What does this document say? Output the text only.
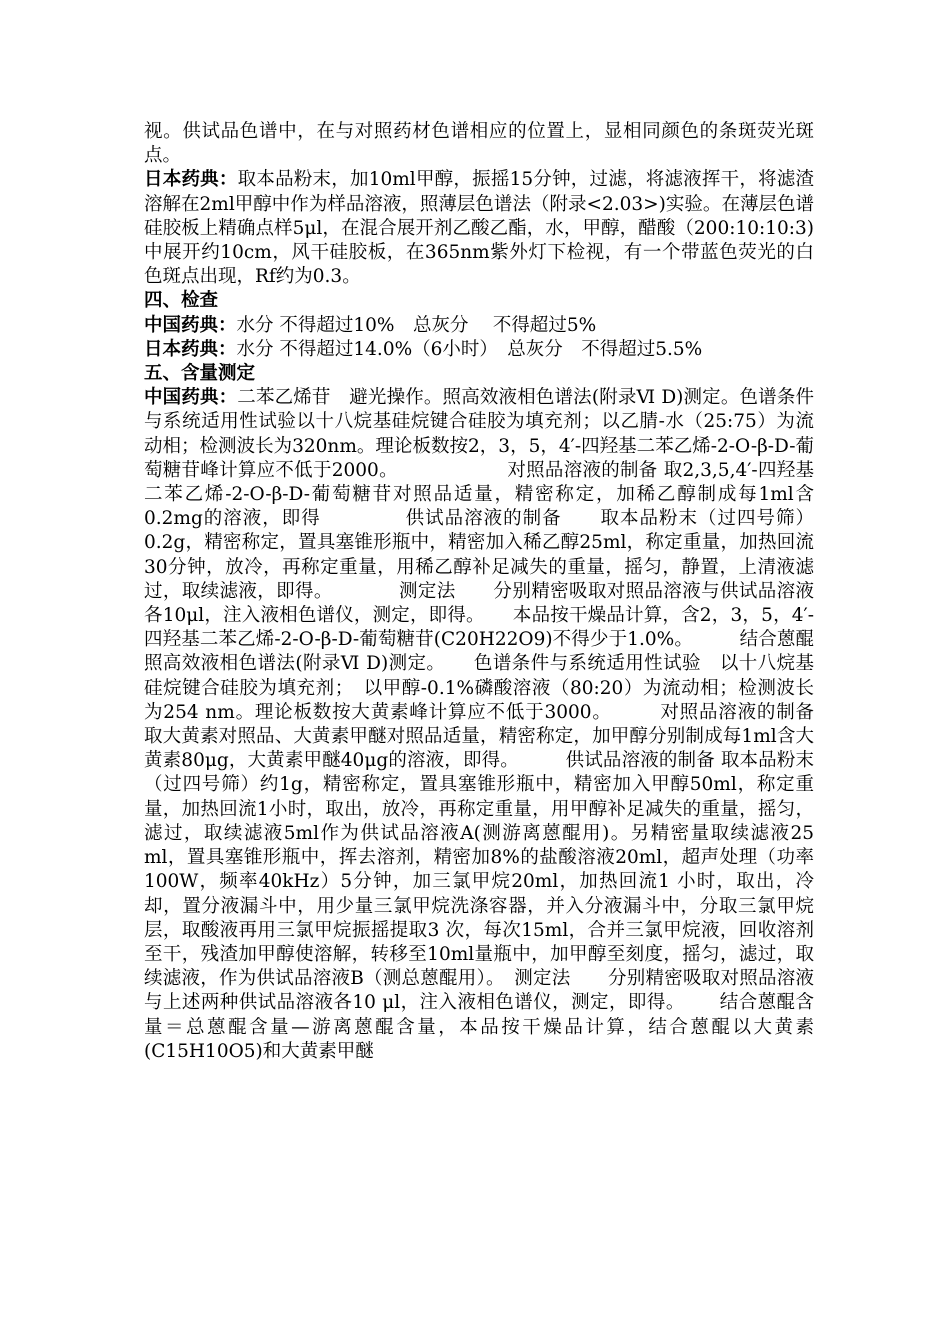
视。供试品色谱中，在与对照药材色谱相应的位置上，显相同颜色的条斑荧光斑点。

日本药典：取本品粉末，加10ml甲醇，振摇15分钟，过滤，将滤液挥干，将滤渣溶解在2ml甲醇中作为样品溶液，照薄层色谱法（附录<2.03>)实验。在薄层色谱硅胶板上精确点样5μl，在混合展开剂乙酸乙酯，水，甲醇，醋酸（200:10:10:3)中展开约10cm，风干硅胶板，在365nm紫外灯下检视，有一个带蓝色荧光的白色斑点出现，Rf约为0.3。

四、检查

中国药典：水分 不得超过10%　总灰分　 不得超过5%

日本药典：水分 不得超过14.0%（6小时）　总灰分　不得超过5.5%

五、含量测定

中国药典：二苯乙烯苷　避光操作。照高效液相色谱法(附录Ⅵ D)测定。色谱条件与系统适用性试验以十八烷基硅烷键合硅胶为填充剂；以乙腈-水（25:75）为流动相；检测波长为320nm。理论板数按2，3，5，4′-四羟基二苯乙烯-2-O-β-D-葡萄糖苷峰计算应不低于2000。　　　　　　 对照品溶液的制备 取2,3,5,4′-四羟基二苯乙烯-2-O-β-D-葡萄糖苷对照品适量，精密称定，加稀乙醇制成每1ml含0.2mg的溶液，即得　　　　 供试品溶液的制备　　取本品粉末（过四号筛）0.2g，精密称定，置具塞锥形瓶中，精密加入稀乙醇25ml，称定重量，加热回流30分钟，放冷，再称定重量，用稀乙醇补足减失的重量，摇匀，静置，上清液滤过，取续滤液，即得。　　　　测定法　　分别精密吸取对照品溶液与供试品溶液各10μl，注入液相色谱仪，测定，即得。　　本品按干燥品计算，含2，3，5，4′-四羟基二苯乙烯-2-O-β-D-葡萄糖苷(C20H22O9)不得少于1.0%。　　　结合蒽醌　　照高效液相色谱法(附录Ⅵ D)测定。　　色谱条件与系统适用性试验　以十八烷基硅烷键合硅胶为填充剂；　以甲醇-0.1%磷酸溶液（80:20）为流动相；检测波长为254 nm。理论板数按大黄素峰计算应不低于3000。　　　对照品溶液的制备　　 取大黄素对照品、大黄素甲醚对照品适量，精密称定，加甲醇分别制成每1ml含大黄素80μg，大黄素甲醚40μg的溶液，即得。　　　供试品溶液的制备 取本品粉末（过四号筛）约1g，精密称定，置具塞锥形瓶中，精密加入甲醇50ml，称定重量，加热回流1小时，取出，放冷，再称定重量，用甲醇补足减失的重量，摇匀，滤过，取续滤液5ml作为供试品溶液A(测游离蒽醌用)。另精密量取续滤液25 ml，置具塞锥形瓶中，挥去溶剂，精密加8%的盐酸溶液20ml，超声处理（功率100W，频率40kHz）5分钟，加三氯甲烷20ml，加热回流1 小时，取出，冷却，置分液漏斗中，用少量三氯甲烷洗涤容器，并入分液漏斗中，分取三氯甲烷层，取酸液再用三氯甲烷振摇提取3 次，每次15ml，合并三氯甲烷液，回收溶剂至干，残渣加甲醇使溶解，转移至10ml量瓶中，加甲醇至刻度，摇匀，滤过，取续滤液，作为供试品溶液B（测总蒽醌用）。　测定法　　分别精密吸取对照品溶液与上述两种供试品溶液各10 μl，注入液相色谱仪，测定，即得。　　 结合蒽醌含量＝总蒽醌含量—游离蒽醌含量，本品按干燥品计算，结合蒽醌以大黄素(C15H10O5)和大黄素甲醚
